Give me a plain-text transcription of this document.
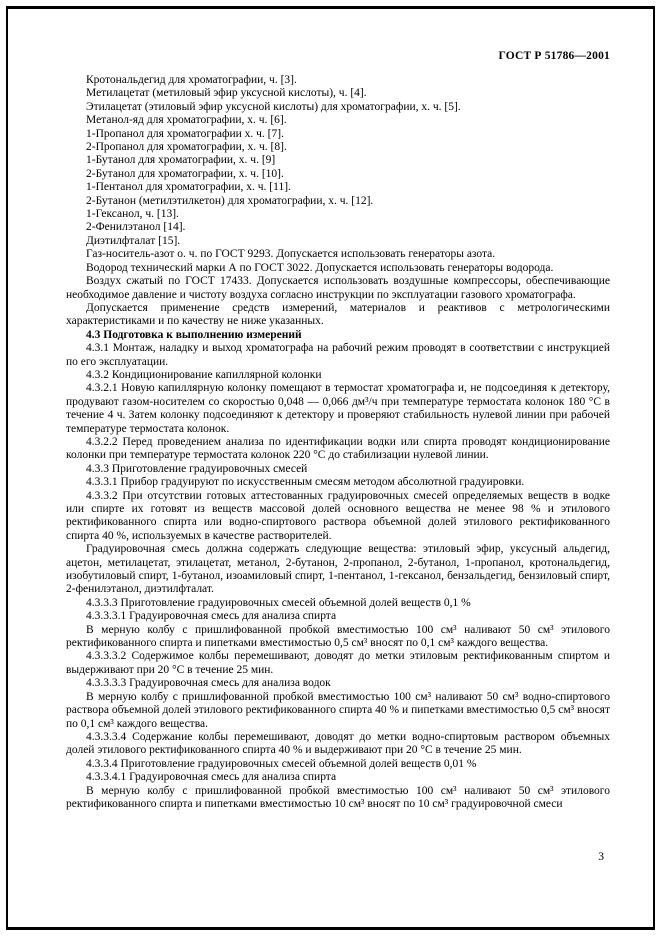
ГОСТ Р 51786—2001

Кротональдегид для хроматографии, ч. [3].

Метилацетат (метиловый эфир уксусной кислоты), ч. [4].

Этилацетат (этиловый эфир уксусной кислоты) для хроматографии, х. ч. [5].

Метанол-яд для хроматографии, х. ч. [6].

1-Пропанол для хроматографии х. ч. [7].

2-Пропанол для хроматографии, х. ч. [8].

1-Бутанол для хроматографии, х. ч. [9]

2-Бутанол для хроматографии, х. ч. [10].

1-Пентанол для хроматографии, х. ч. [11].

2-Бутанон (метилэтилкетон) для хроматографии, х. ч. [12].

1-Гексанол, ч. [13].

2-Фенилэтанол [14].

Диэтилфталат [15].

Газ-носитель-азот о. ч. по ГОСТ 9293. Допускается использовать генераторы азота.

Водород технический марки А по ГОСТ 3022. Допускается использовать генераторы водорода.

Воздух сжатый по ГОСТ 17433. Допускается использовать воздушные компрессоры, обеспечивающие необходимое давление и чистоту воздуха согласно инструкции по эксплуатации газового хроматографа.

Допускается применение средств измерений, материалов и реактивов с метрологическими характеристиками и по качеству не ниже указанных.

4.3 Подготовка к выполнению измерений

4.3.1 Монтаж, наладку и выход хроматографа на рабочий режим проводят в соответствии с инструкцией по его эксплуатации.

4.3.2 Кондиционирование капиллярной колонки

4.3.2.1 Новую капиллярную колонку помещают в термостат хроматографа и, не подсоединяя к детектору, продувают газом-носителем со скоростью 0,048 — 0,066 дм³/ч при температуре термостата колонок 180 °С в течение 4 ч. Затем колонку подсоединяют к детектору и проверяют стабильность нулевой линии при рабочей температуре термостата колонок.

4.3.2.2 Перед проведением анализа по идентификации водки или спирта проводят кондиционирование колонки при температуре термостата колонок 220 °С до стабилизации нулевой линии.

4.3.3 Приготовление градуировочных смесей

4.3.3.1 Прибор градуируют по искусственным смесям методом абсолютной градуировки.

4.3.3.2 При отсутствии готовых аттестованных градуировочных смесей определяемых веществ в водке или спирте их готовят из веществ массовой долей основного вещества не менее 98 % и этилового ректификованного спирта или водно-спиртового раствора объемной долей этилового ректификованного спирта 40 %, используемых в качестве растворителей.

Градуировочная смесь должна содержать следующие вещества: этиловый эфир, уксусный альдегид, ацетон, метилацетат, этилацетат, метанол, 2-бутанон, 2-пропанол, 2-бутанол, 1-пропанол, кротональдегид, изобутиловый спирт, 1-бутанол, изоамиловый спирт, 1-пентанол, 1-гексанол, бензальдегид, бензиловый спирт, 2-фенилэтанол, диэтилфталат.

4.3.3.3 Приготовление градуировочных смесей объемной долей веществ 0,1 %

4.3.3.3.1 Градуировочная смесь для анализа спирта

В мерную колбу с пришлифованной пробкой вместимостью 100 см³ наливают 50 см³ этилового ректификованного спирта и пипетками вместимостью 0,5 см³ вносят по 0,1 см³ каждого вещества.

4.3.3.3.2 Содержимое колбы перемешивают, доводят до метки этиловым ректификованным спиртом и выдерживают при 20 °С в течение 25 мин.

4.3.3.3.3 Градуировочная смесь для анализа водок

В мерную колбу с пришлифованной пробкой вместимостью 100 см³ наливают 50 см³ водно-спиртового раствора объемной долей этилового ректификованного спирта 40 % и пипетками вместимостью 0,5 см³ вносят по 0,1 см³ каждого вещества.

4.3.3.3.4 Содержание колбы перемешивают, доводят до метки водно-спиртовым раствором объемных долей этилового ректификованного спирта 40 % и выдерживают при 20 °С в течение 25 мин.

4.3.3.4 Приготовление градуировочных смесей объемной долей веществ 0,01 %

4.3.3.4.1 Градуировочная смесь для анализа спирта

В мерную колбу с пришлифованной пробкой вместимостью 100 см³ наливают 50 см³ этилового ректификованного спирта и пипетками вместимостью 10 см³ вносят по 10 см³ градуировочной смеси

3
